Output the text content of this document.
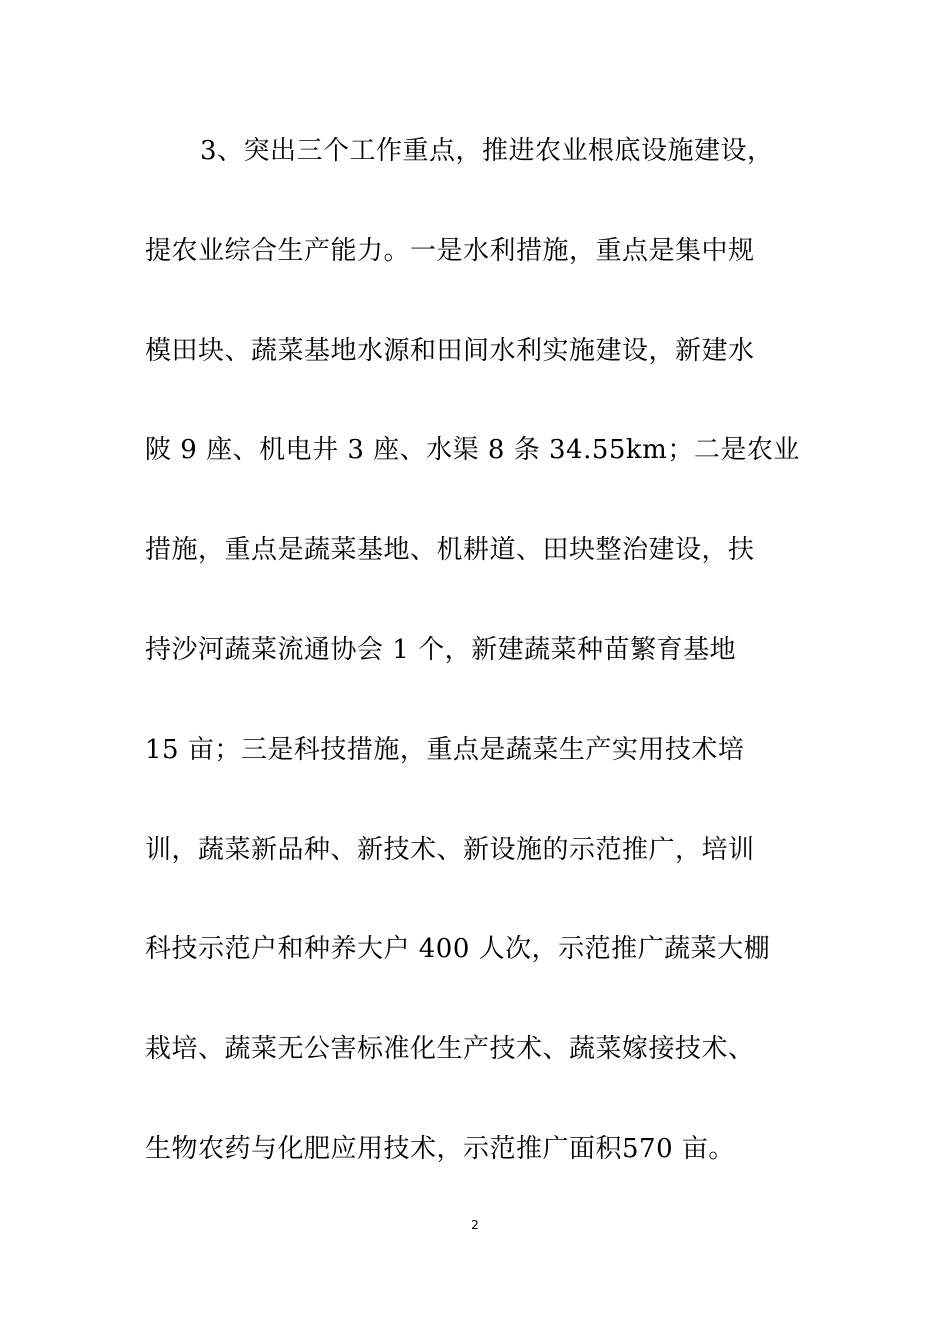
3、突出三个工作重点，推进农业根底设施建设，
提农业综合生产能力。一是水利措施，重点是集中规
模田块、蔬菜基地水源和田间水利实施建设，新建水
陂 9 座、机电井 3 座、水渠 8 条 34.55km；二是农业
措施，重点是蔬菜基地、机耕道、田块整治建设，扶
持沙河蔬菜流通协会 1 个，新建蔬菜种苗繁育基地
15 亩；三是科技措施，重点是蔬菜生产实用技术培
训，蔬菜新品种、新技术、新设施的示范推广，培训
科技示范户和种养大户 400 人次，示范推广蔬菜大棚
栽培、蔬菜无公害标准化生产技术、蔬菜嫁接技术、
生物农药与化肥应用技术，示范推广面积570 亩。
2
